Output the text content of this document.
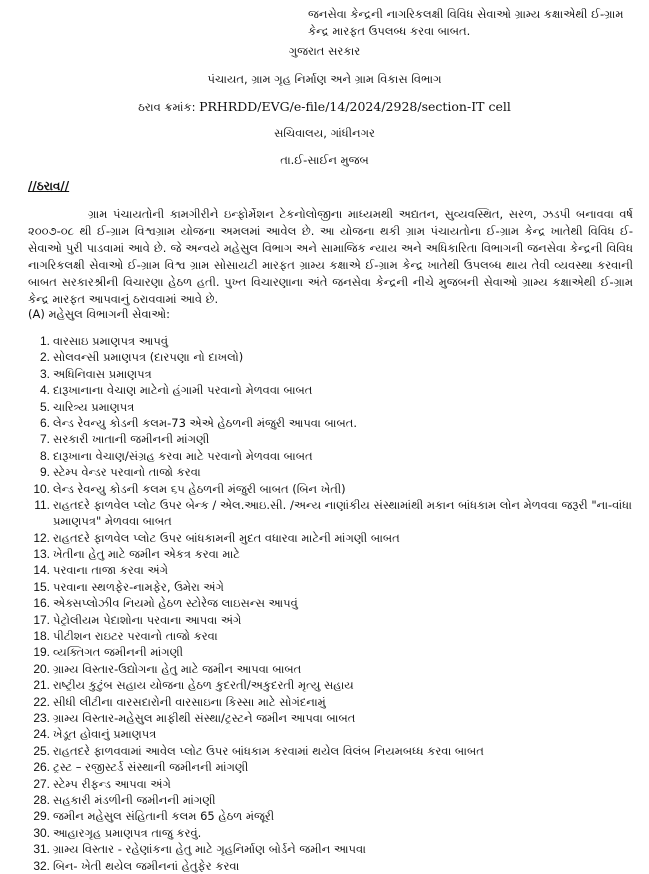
જનસેવા કેન્દ્રની નાગરિકલક્ષી વિવિધ સેવાઓ ગ્રામ્ય કક્ષાએથી ઈ-ગ્રામ કેન્દ્ર મારફત ઉપલબ્ધ કરવા બાબત.
ગુજરાત સરકાર
પંચાયત, ગ્રામ ગૃહ નિર્માણ અને ગ્રામ વિકાસ વિભાગ
ઠરાવ ક્રમાંક: PRHRDD/EVG/e-file/14/2024/2928/section-IT cell
સચિવાલય, ગાંધીનગર
તા.ઈ-સાઈન મુજબ
//ઠરાવ//
ગ્રામ પંચાયતોની કામગીરીને ઇન્ફોર્મેશન ટેકનોલોજીના માધ્યમથી અદ્યતન, સુવ્યવસ્થિત, સરળ, ઝડપી બનાવવા વર્ષ ૨૦૦૭-૦૮ થી ઈ-ગ્રામ વિશ્વગ્રામ યોજના અમલમાં આવેલ છે. આ યોજના થકી ગ્રામ પંચાયતોના ઈ-ગ્રામ કેન્દ્ર ખાતેથી વિવિધ ઈ-સેવાઓ પુરી પાડવામાં આવે છે. જે અન્વયે મહેસુલ વિભાગ અને સામાજિક ન્યાય અને અધિકારિતા વિભાગની જનસેવા કેન્દ્રની વિવિધ નાગરિકલક્ષી સેવાઓ ઈ-ગ્રામ વિશ્વ ગ્રામ સોસાયટી મારફત ગ્રામ્ય કક્ષાએ ઈ-ગ્રામ કેન્દ્ર ખાતેથી ઉપલબ્ધ થાય તેવી વ્યવસ્થા કરવાની બાબત સરકારશ્રીની વિચારણા હેઠળ હતી. પુખ્ત વિચારણાના અંતે જનસેવા કેન્દ્રની નીચે મુજબની સેવાઓ ગ્રામ્ય કક્ષાએથી ઈ-ગ્રામ કેન્દ્ર મારફત આપવાનું ઠરાવવામાં આવે છે.
(A) મહેસુલ વિભાગની સેવાઓ:
1. વારસાઇ પ્રમાણપત્ર આપવું
2. સોલવન્સી પ્રમાણપત્ર (દારપણા નો દાખલો)
3. અધિનિવાસ પ્રમાણપત્ર
4. દારૂખાનાના વેચાણ માટેનો હંગામી પરવાનો મેળવવા બાબત
5. ચારિત્ર્ય પ્રમાણપત્ર
6. લેન્ડ રેવન્યુ કોડની કલમ-73 એએ હેઠળની મંજુરી આપવા બાબત.
7. સરકારી ખાતાની જમીનની માંગણી
8. દારૂખાના વેચાણ/સંગ્રહ કરવા માટે પરવાનો મેળવવા બાબત
9. સ્ટેમ્પ વેન્ડર પરવાનો તાજો કરવા
10. લેન્ડ રેવન્યુ કોડની કલમ ૬૫ હેઠળની મંજુરી બાબત (બિન ખેતી)
11. રાહતદરે ફાળવેલ પ્લોટ ઉપર બેન્ક / એલ.આઇ.સી. /અન્ય નાણાંકીય સંસ્થામાંથી મકાન બાંધકામ લોન મેળવવા જરૂરી "ના-વાંધા પ્રમાણપત્ર" મેળવવા બાબત
12. રાહતદરે ફાળવેલ પ્લોટ ઉપર બાંધકામની મુદત વધારવા માટેની માંગણી બાબત
13. ખેતીના હેતુ માટે જમીન એકત્ર કરવા માટે
14. પરવાના તાજા કરવા અંગે
15. પરવાના સ્થળફેર-નામફેર, ઉમેરા અંગે
16. એક્સપ્લોઝીવ નિયમો હેઠળ સ્ટોરેજ લાઇસન્સ આપવું
17. પેટ્રોલીયમ પેદાશોના પરવાના આપવા અંગે
18. પીટીશન રાઇટર પરવાનો તાજો કરવા
19. વ્યક્તિગત જમીનની માંગણી
20. ગ્રામ્ય વિસ્તાર-ઉદ્યોગના હેતુ માટે જમીન આપવા બાબત
21. રાષ્ટ્રીય કુટુંબ સહાય યોજના હેઠળ કુદરતી/અકુદરતી મૃત્યુ સહાય
22. સીધી લીટીના વારસદારોની વારસાઇના કિસ્સા માટે સોગંદનામું
23. ગ્રામ્ય વિસ્તાર-મહેસુલ માફીથી સંસ્થા/ટ્રસ્ટને જમીન આપવા બાબત
24. ખેડૂત હોવાનું પ્રમાણપત્ર
25. રાહતદરે ફાળવવામાં આવેલ પ્લોટ ઉપર બાંધકામ કરવામાં થયેલ વિલંબ નિયમબધ્ધ કરવા બાબત
26. ટ્રસ્ટ – રજીસ્ટર્ડ સંસ્થાની જમીનની માંગણી
27. સ્ટેમ્પ રીફન્ડ આપવા અંગે
28. સહકારી મંડળીની જમીનની માંગણી
29. જમીન મહેસુલ સંહિતાની કલમ 65 હેઠળ મંજૂરી
30. આહારગૃહ પ્રમાણપત્ર તાજુ કરવું.
31. ગ્રામ્ય વિસ્તાર - રહેણાંકના હેતુ માટે ગૃહનિર્માણ બોર્ડને જમીન આપવા
32. બિન- ખેતી થયેલ જમીનનાં હેતુફેર કરવા
